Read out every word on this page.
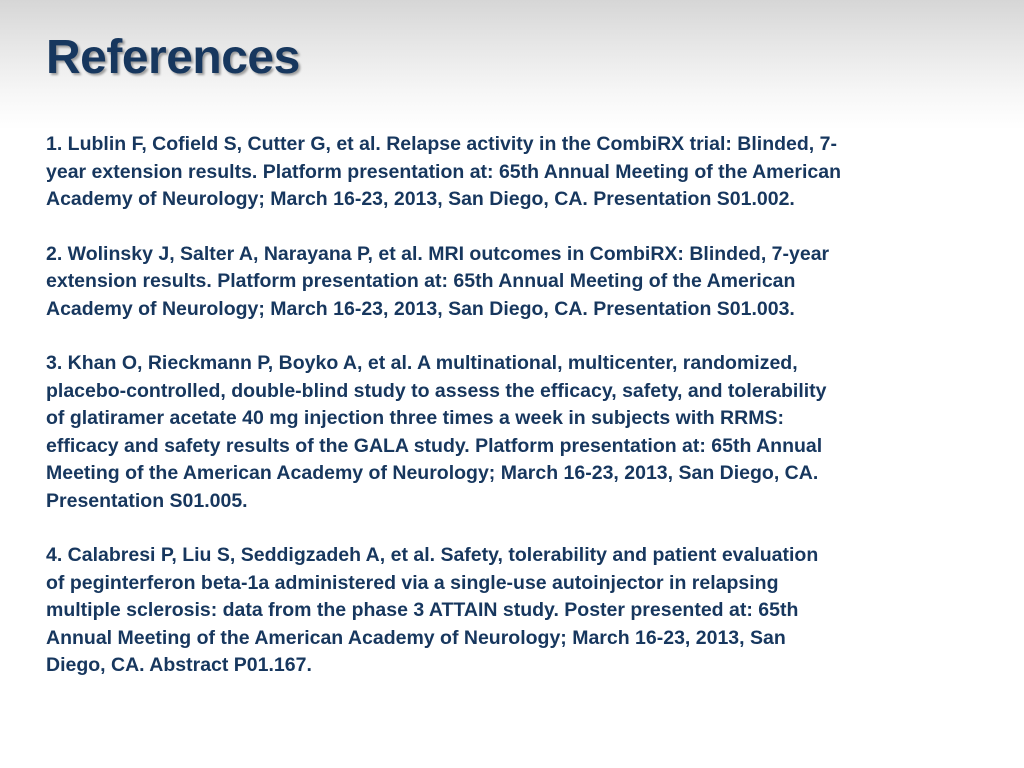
References
1. Lublin F, Cofield S, Cutter G, et al. Relapse activity in the CombiRX trial: Blinded, 7-
year extension results. Platform presentation at: 65th Annual Meeting of the American
Academy of Neurology; March 16-23, 2013, San Diego, CA. Presentation S01.002.
2. Wolinsky J, Salter A, Narayana P, et al. MRI outcomes in CombiRX: Blinded, 7-year
extension results. Platform presentation at: 65th Annual Meeting of the American
Academy of Neurology; March 16-23, 2013, San Diego, CA. Presentation S01.003.
3. Khan O, Rieckmann P, Boyko A, et al. A multinational, multicenter, randomized,
placebo-controlled, double-blind study to assess the efficacy, safety, and tolerability
of glatiramer acetate 40 mg injection three times a week in subjects with RRMS:
efficacy and safety results of the GALA study. Platform presentation at: 65th Annual
Meeting of the American Academy of Neurology; March 16-23, 2013, San Diego, CA.
Presentation S01.005.
4. Calabresi P, Liu S, Seddigzadeh A, et al. Safety, tolerability and patient evaluation
of peginterferon beta-1a administered via a single-use autoinjector in relapsing
multiple sclerosis: data from the phase 3 ATTAIN study. Poster presented at: 65th
Annual Meeting of the American Academy of Neurology; March 16-23, 2013, San
Diego, CA. Abstract P01.167.
